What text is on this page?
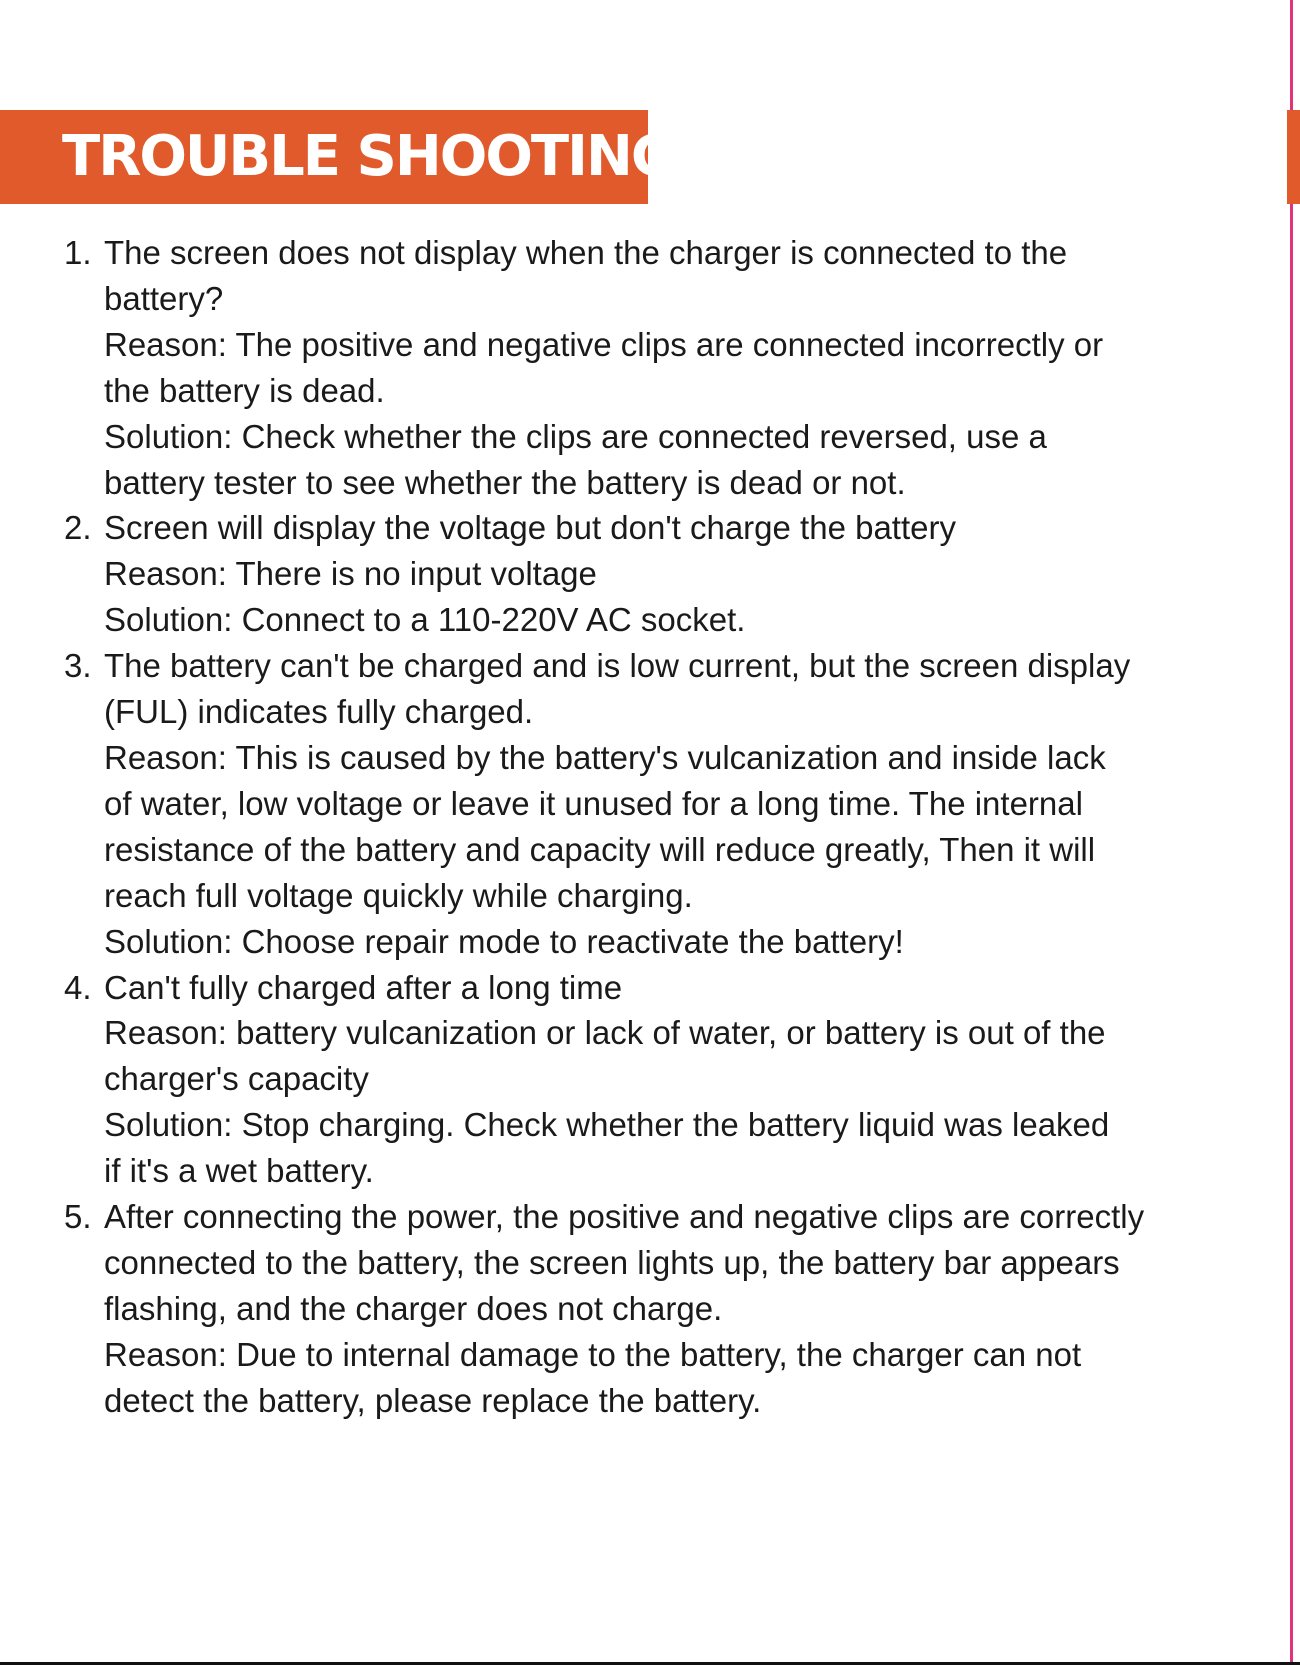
TROUBLE SHOOTING
1. The screen does not display when the charger is connected to the
battery?
Reason: The positive and negative clips are connected incorrectly or
the battery is dead.
Solution: Check whether the clips are connected reversed, use a
battery tester to see whether the battery is dead or not.
2. Screen will display the voltage but don't charge the battery
Reason: There is no input voltage
Solution: Connect to a 110-220V AC socket.
3. The battery can't be charged and is low current, but the screen display
(FUL) indicates fully charged.
Reason: This is caused by the battery's vulcanization and inside lack
of water, low voltage or leave it unused for a long time. The internal
resistance of the battery and capacity will reduce greatly, Then it will
reach full voltage quickly while charging.
Solution: Choose repair mode to reactivate the battery!
4. Can't fully charged after a long time
Reason: battery vulcanization or lack of water, or battery is out of the
charger's capacity
Solution: Stop charging. Check whether the battery liquid was leaked
if it's a wet battery.
5. After connecting the power, the positive and negative clips are correctly
connected to the battery, the screen lights up, the battery bar appears
flashing, and the charger does not charge.
Reason: Due to internal damage to the battery, the charger can not
detect the battery, please replace the battery.
